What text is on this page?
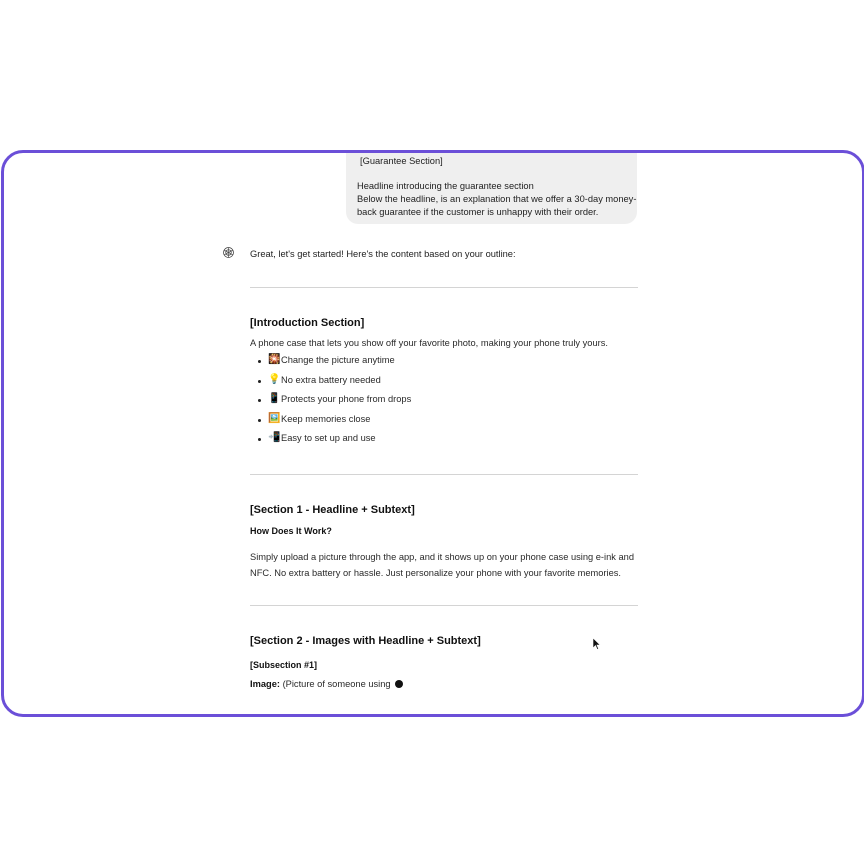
[Guarantee Section]
Headline introducing the guarantee section
Below the headline, is an explanation that we offer a 30-day money-
back guarantee if the customer is unhappy with their order.
Great, let's get started! Here's the content based on your outline:
[Introduction Section]
A phone case that lets you show off your favorite photo, making your phone truly yours.
🎇 Change the picture anytime
💡 No extra battery needed
📱 Protects your phone from drops
🖼️ Keep memories close
📲 Easy to set up and use
[Section 1 - Headline + Subtext]
How Does It Work?
Simply upload a picture through the app, and it shows up on your phone case using e-ink and
NFC. No extra battery or hassle. Just personalize your phone with your favorite memories.
[Section 2 - Images with Headline + Subtext]
[Subsection #1]
Image: (Picture of someone using
